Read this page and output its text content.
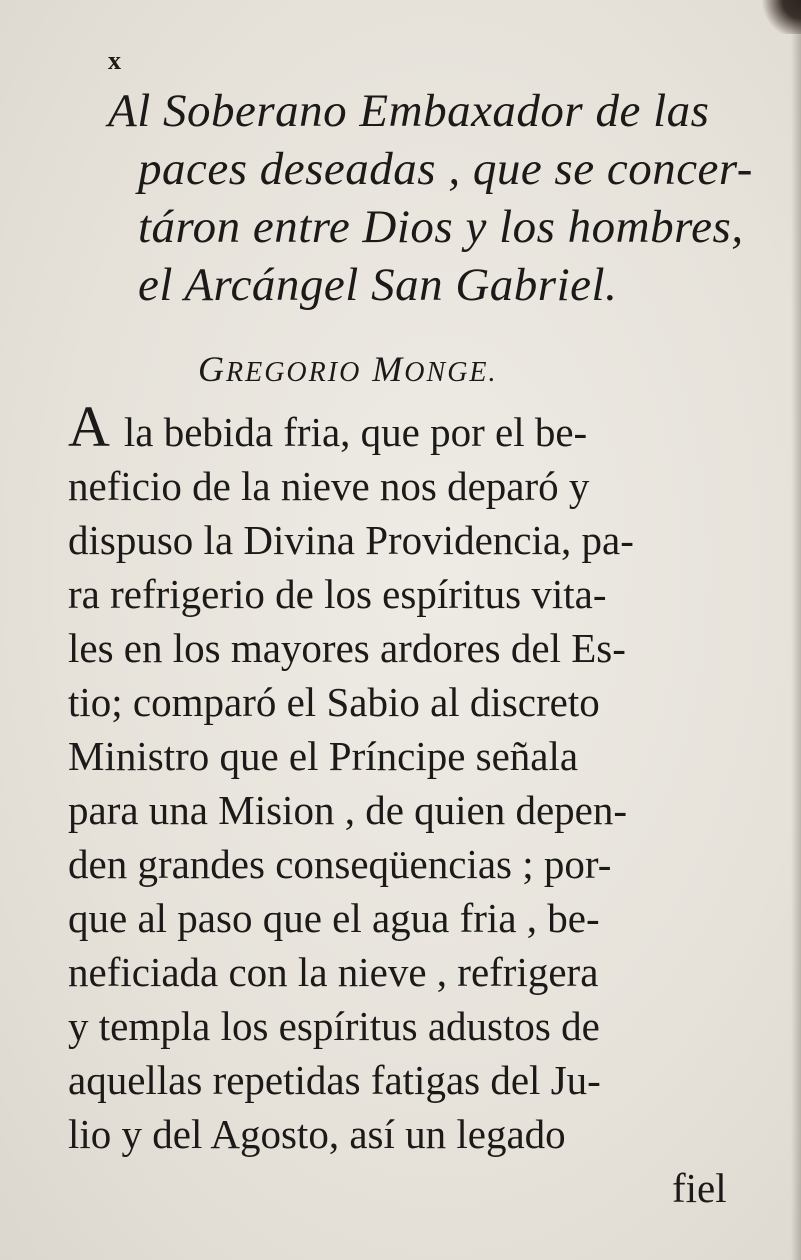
x
Al Soberano Embaxador de las
paces deseadas , que se concer-
táron entre Dios y los hombres,
el Arcángel San Gabriel.
GREGORIO MONGE.
A la bebida fria, que por el be-
neficio de la nieve nos deparó y
dispuso la Divina Providencia, pa-
ra refrigerio de los espíritus vita-
les en los mayores ardores del Es-
tio; comparó el Sabio al discreto
Ministro que el Príncipe señala
para una Mision , de quien depen-
den grandes conseqüencias ; por-
que al paso que el agua fria , be-
neficiada con la nieve , refrigera
y templa los espíritus adustos de
aquellas repetidas fatigas del Ju-
lio y del Agosto, así un legado
fiel
